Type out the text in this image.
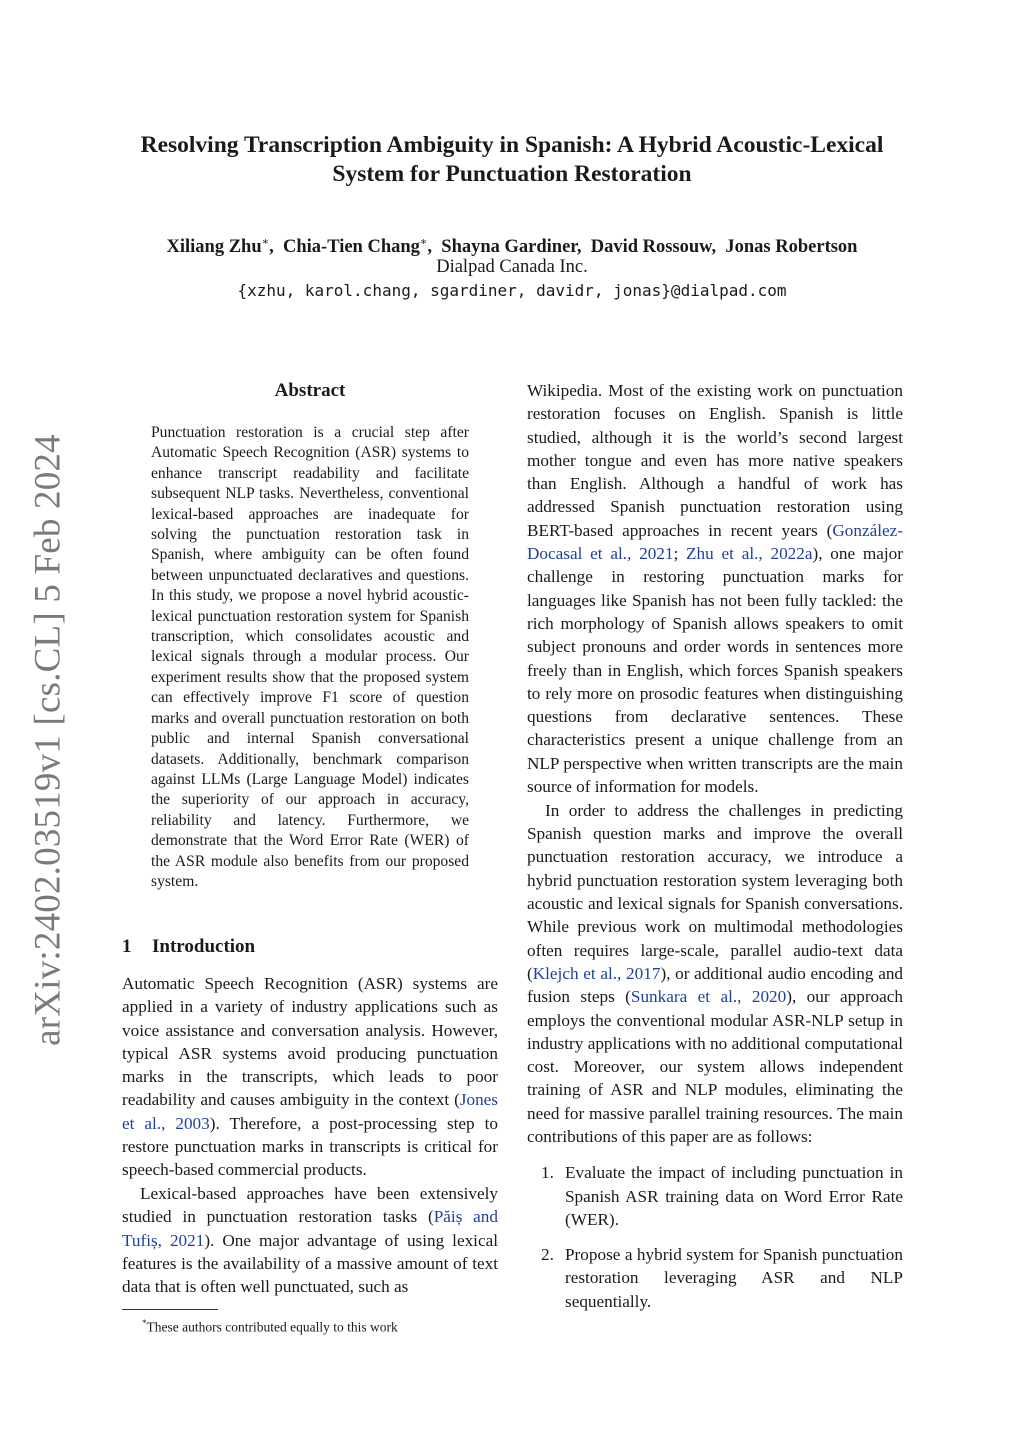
arXiv:2402.03519v1 [cs.CL] 5 Feb 2024
Resolving Transcription Ambiguity in Spanish: A Hybrid Acoustic-Lexical
System for Punctuation Restoration
Xiliang Zhu∗,  Chia-Tien Chang∗,  Shayna Gardiner,  David Rossouw,  Jonas Robertson
Dialpad Canada Inc.
{xzhu, karol.chang, sgardiner, davidr, jonas}@dialpad.com
Abstract
Punctuation restoration is a crucial step after Automatic Speech Recognition (ASR) systems to enhance transcript readability and facilitate subsequent NLP tasks. Nevertheless, conventional lexical-based approaches are inadequate for solving the punctuation restoration task in Spanish, where ambiguity can be often found between unpunctuated declaratives and questions. In this study, we propose a novel hybrid acoustic-lexical punctuation restoration system for Spanish transcription, which consolidates acoustic and lexical signals through a modular process. Our experiment results show that the proposed system can effectively improve F1 score of question marks and overall punctuation restoration on both public and internal Spanish conversational datasets. Additionally, benchmark comparison against LLMs (Large Language Model) indicates the superiority of our approach in accuracy, reliability and latency. Furthermore, we demonstrate that the Word Error Rate (WER) of the ASR module also benefits from our proposed system.
1 Introduction

Automatic Speech Recognition (ASR) systems are applied in a variety of industry applications such as voice assistance and conversation analysis. However, typical ASR systems avoid producing punctuation marks in the transcripts, which leads to poor readability and causes ambiguity in the context (Jones et al., 2003). Therefore, a post-processing step to restore punctuation marks in transcripts is critical for speech-based commercial products.

Lexical-based approaches have been extensively studied in punctuation restoration tasks (Păiș and Tufiș, 2021). One major advantage of using lexical features is the availability of a massive amount of text data that is often well punctuated, such as

*These authors contributed equally to this work

Wikipedia. Most of the existing work on punctuation restoration focuses on English. Spanish is little studied, although it is the world’s second largest mother tongue and even has more native speakers than English. Although a handful of work has addressed Spanish punctuation restoration using BERT-based approaches in recent years (González-Docasal et al., 2021; Zhu et al., 2022a), one major challenge in restoring punctuation marks for languages like Spanish has not been fully tackled: the rich morphology of Spanish allows speakers to omit subject pronouns and order words in sentences more freely than in English, which forces Spanish speakers to rely more on prosodic features when distinguishing questions from declarative sentences. These characteristics present a unique challenge from an NLP perspective when written transcripts are the main source of information for models.

In order to address the challenges in predicting Spanish question marks and improve the overall punctuation restoration accuracy, we introduce a hybrid punctuation restoration system leveraging both acoustic and lexical signals for Spanish conversations. While previous work on multimodal methodologies often requires large-scale, parallel audio-text data (Klejch et al., 2017), or additional audio encoding and fusion steps (Sunkara et al., 2020), our approach employs the conventional modular ASR-NLP setup in industry applications with no additional computational cost. Moreover, our system allows independent training of ASR and NLP modules, eliminating the need for massive parallel training resources. The main contributions of this paper are as follows:

1. Evaluate the impact of including punctuation in Spanish ASR training data on Word Error Rate (WER).
2. Propose a hybrid system for Spanish punctuation restoration leveraging ASR and NLP sequentially.
